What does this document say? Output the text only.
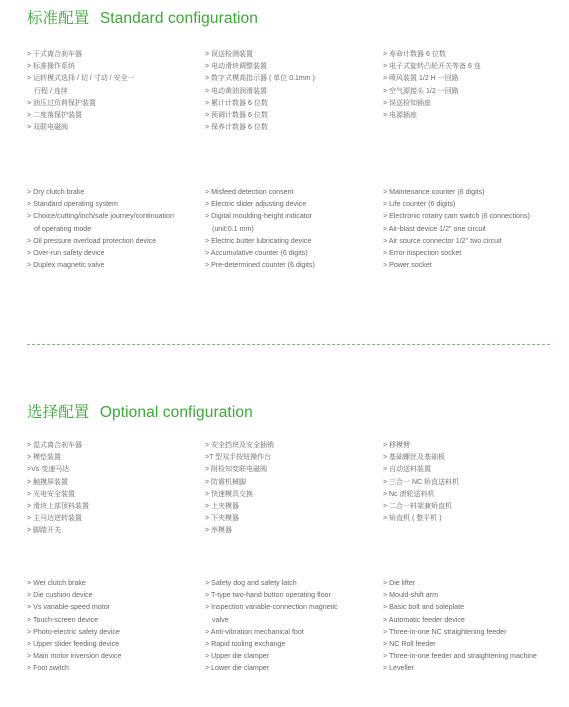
标准配置 Standard configuration
> 干式离合刹车器
> 标准操作系统
> 运转模式选择 / 切 / 寸动 / 安全一
行程 / 连续
> 油压过负荷保护装置
> 二度落保护装置
> 双联电磁阀
> 误送检测装置
> 电动滑块调整装置
> 数字式模高指示器 ( 单位 0.1mm )
> 电动黄油润滑装置
> 累计计数器 6 位数
> 预调计数器 6 位数
> 保养计数器 6 位数
> 寿命计数器 6 位数
> 电子式旋转凸轮开关等备 6 连
> 喷风装置 1/2 H 一回路
> 空气源接头 1/2 一回路
> 误送检知插座
> 电源插座
> Dry clutch brake
> Standard operating system
> Choice/cutting/inch/safe journey/continuation
of operating mode
> Oil pressure overload protection device
> Over-run safety device
> Duplex magnetic valve
> Misfeed detection consent
> Electric slider adjusting device
> Digital moulding-height indicator
(unit:0.1 mm)
> Electric butter lubricating device
> Accumulative counter (6 digits)
> Pre-determined counter (6 digits)
> Maintenance counter (6 digits)
> Life counter (6 digits)
> Electronic rotatry cam switch (6 connections)
> Air-blast device 1/2" one circuit
> Air source connector 1/2" two circuit
> Error inspection socket
> Power socket
选择配置 Optional configuration
> 湿式离合刹车器
> 模垫装置
>Vs 变速马达
> 触摸屏装置
> 光电安全装置
> 滑块上部顶料装置
> 主马达逆转装置
> 脚踏开关
> 安全挡块及安全插销
>T 型双手按钮操作台
> 附检知变联电磁阀
> 防震机械脚
> 快速模具交换
> 上夹模器
> 下夹模器
> 举模器
> 移模臂
> 基础螺丝及基础板
> 自动送料装置
> 三合一 NC 矫直送料机
> Nc 滚轮送料机
> 二合一料架兼矫直机
> 矫直机 ( 整平机 )
> Wet clutch brake
> Die cushion device
> Vs variable-speed motor
> Touch-screen device
> Photo-electric safety device
> Upper slider feeding device
> Main motor inversion device
> Foot switch
> Safety dog and safety latch
> T-type two-hand button operating floor
> Inspection variable-connection magnetic
valve
> Anti-vibration mechanical foot
> Rapid tooling exchange
> Upper die clamper
> Lower die clamper
> Die lifter
> Mould-shift arm
> Basic bolt and soleplate
> Automatic feeder device
> Three-in-one NC straightening feeder
> NC Roll feeder
> Three-in-one feeder and straightening machine
> Leveller
